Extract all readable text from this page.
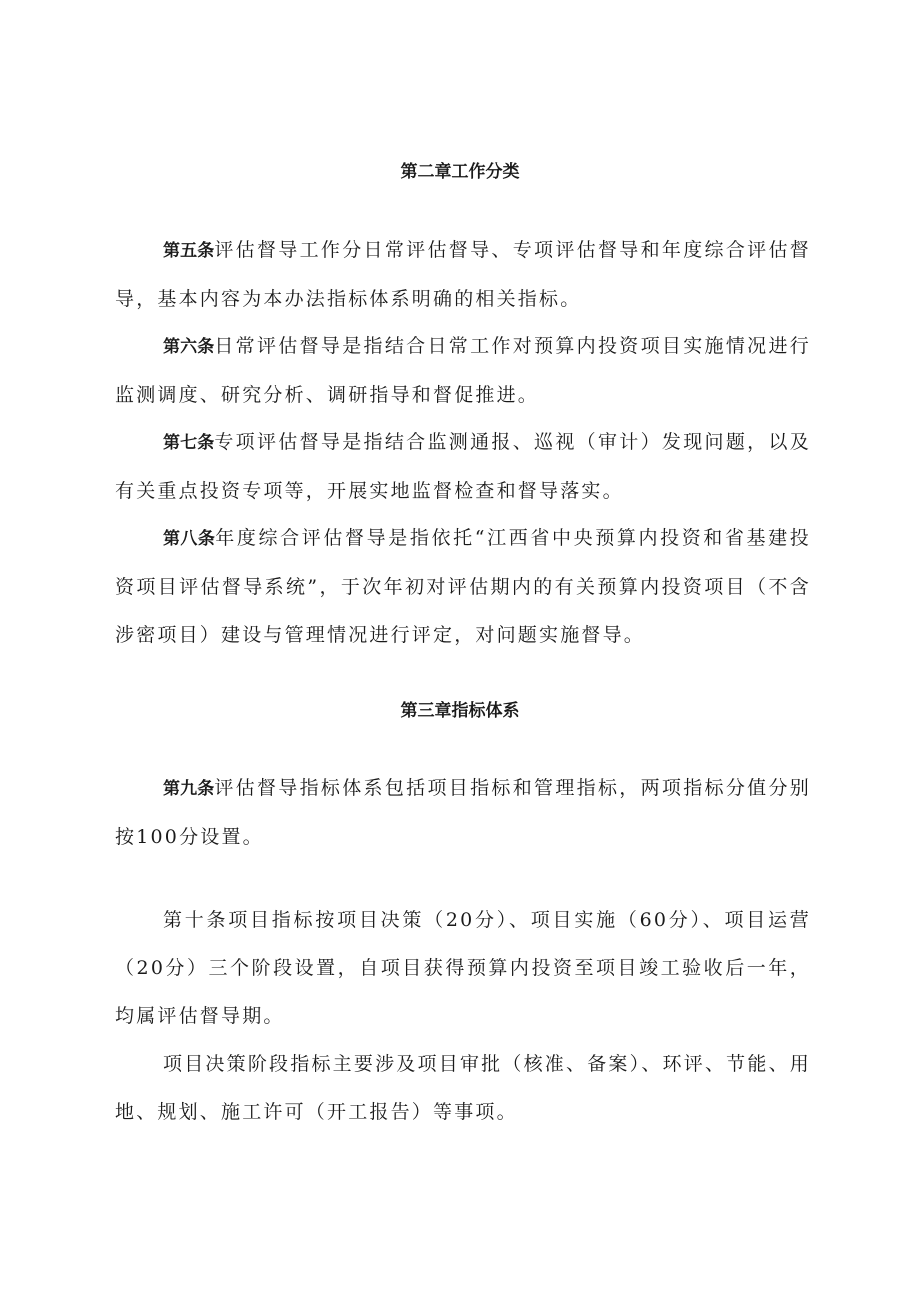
第二章工作分类

第五条评估督导工作分日常评估督导、专项评估督导和年度综合评估督导，基本内容为本办法指标体系明确的相关指标。

第六条日常评估督导是指结合日常工作对预算内投资项目实施情况进行监测调度、研究分析、调研指导和督促推进。

第七条专项评估督导是指结合监测通报、巡视（审计）发现问题，以及有关重点投资专项等，开展实地监督检查和督导落实。

第八条年度综合评估督导是指依托“江西省中央预算内投资和省基建投资项目评估督导系统”，于次年初对评估期内的有关预算内投资项目（不含涉密项目）建设与管理情况进行评定，对问题实施督导。

第三章指标体系

第九条评估督导指标体系包括项目指标和管理指标，两项指标分值分别按100分设置。

第十条项目指标按项目决策（20分）、项目实施（60分）、项目运营（20分）三个阶段设置，自项目获得预算内投资至项目竣工验收后一年，均属评估督导期。

项目决策阶段指标主要涉及项目审批（核准、备案）、环评、节能、用地、规划、施工许可（开工报告）等事项。
